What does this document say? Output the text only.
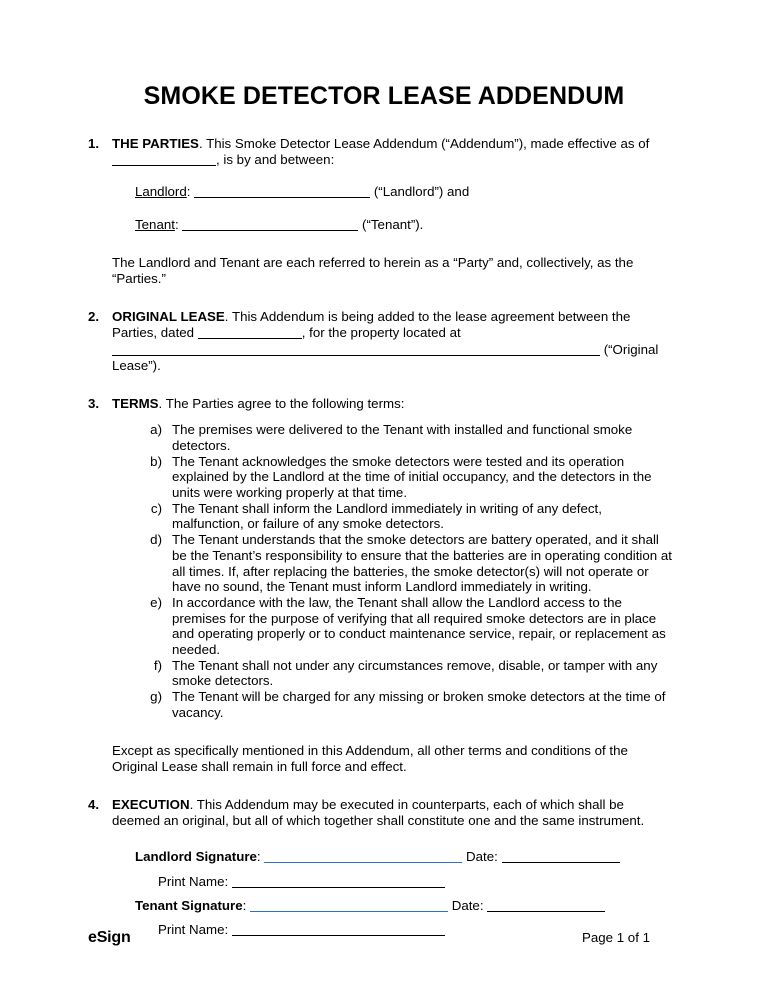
SMOKE DETECTOR LEASE ADDENDUM
1. THE PARTIES. This Smoke Detector Lease Addendum (“Addendum”), made effective as of , is by and between:
Landlord:	(“Landlord”) and
Tenant:	(“Tenant”).
The Landlord and Tenant are each referred to herein as a “Party” and, collectively, as the “Parties.”
2. ORIGINAL LEASE. This Addendum is being added to the lease agreement between the Parties, dated	, for the property located at
(“Original Lease”).
3. TERMS. The Parties agree to the following terms:
a) The premises were delivered to the Tenant with installed and functional smoke detectors.
b) The Tenant acknowledges the smoke detectors were tested and its operation explained by the Landlord at the time of initial occupancy, and the detectors in the units were working properly at that time.
c) The Tenant shall inform the Landlord immediately in writing of any defect, malfunction, or failure of any smoke detectors.
d) The Tenant understands that the smoke detectors are battery operated, and it shall be the Tenant’s responsibility to ensure that the batteries are in operating condition at all times. If, after replacing the batteries, the smoke detector(s) will not operate or have no sound, the Tenant must inform Landlord immediately in writing.
e) In accordance with the law, the Tenant shall allow the Landlord access to the premises for the purpose of verifying that all required smoke detectors are in place and operating properly or to conduct maintenance service, repair, or replacement as needed.
f) The Tenant shall not under any circumstances remove, disable, or tamper with any smoke detectors.
g) The Tenant will be charged for any missing or broken smoke detectors at the time of vacancy.
Except as specifically mentioned in this Addendum, all other terms and conditions of the Original Lease shall remain in full force and effect.
4. EXECUTION. This Addendum may be executed in counterparts, each of which shall be deemed an original, but all of which together shall constitute one and the same instrument.
Landlord Signature:	Date:
Print Name:
Tenant Signature:	Date:
Print Name:
eSign	Page 1 of 1
